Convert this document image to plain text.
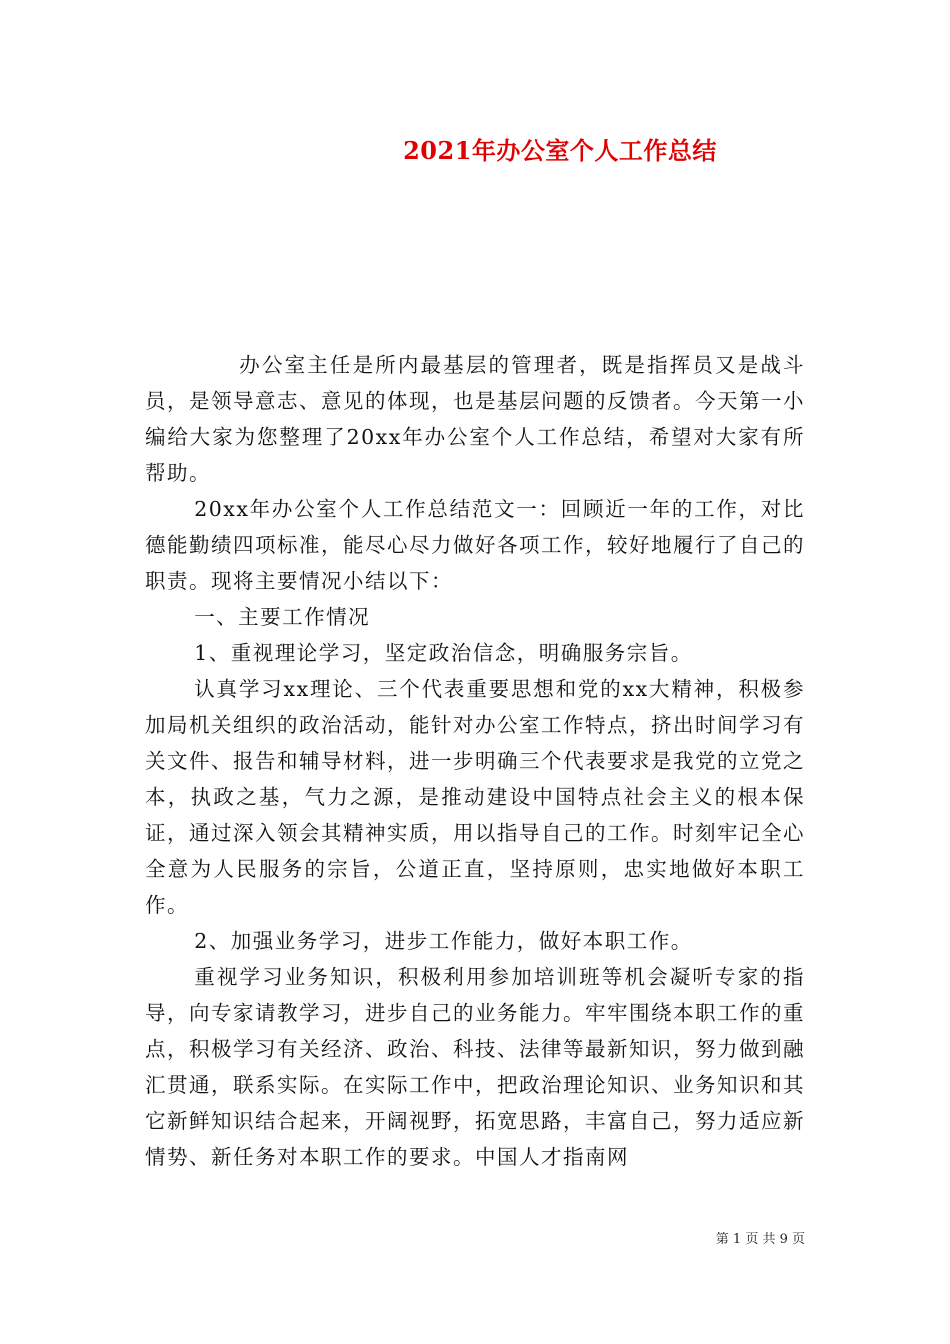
2021年办公室个人工作总结

办公室主任是所内最基层的管理者，既是指挥员又是战斗员，是领导意志、意见的体现，也是基层问题的反馈者。今天第一小编给大家为您整理了20xx年办公室个人工作总结，希望对大家有所帮助。

20xx年办公室个人工作总结范文一：回顾近一年的工作，对比德能勤绩四项标准，能尽心尽力做好各项工作，较好地履行了自己的职责。现将主要情况小结以下：

一、主要工作情况

1、重视理论学习，坚定政治信念，明确服务宗旨。

认真学习xx理论、三个代表重要思想和党的xx大精神，积极参加局机关组织的政治活动，能针对办公室工作特点，挤出时间学习有关文件、报告和辅导材料，进一步明确三个代表要求是我党的立党之本，执政之基，气力之源，是推动建设中国特点社会主义的根本保证，通过深入领会其精神实质，用以指导自己的工作。时刻牢记全心全意为人民服务的宗旨，公道正直，坚持原则，忠实地做好本职工作。

2、加强业务学习，进步工作能力，做好本职工作。

重视学习业务知识，积极利用参加培训班等机会凝听专家的指导，向专家请教学习，进步自己的业务能力。牢牢围绕本职工作的重点，积极学习有关经济、政治、科技、法律等最新知识，努力做到融汇贯通，联系实际。在实际工作中，把政治理论知识、业务知识和其它新鲜知识结合起来，开阔视野，拓宽思路，丰富自己，努力适应新情势、新任务对本职工作的要求。中国人才指南网

第 1 页 共 9 页
